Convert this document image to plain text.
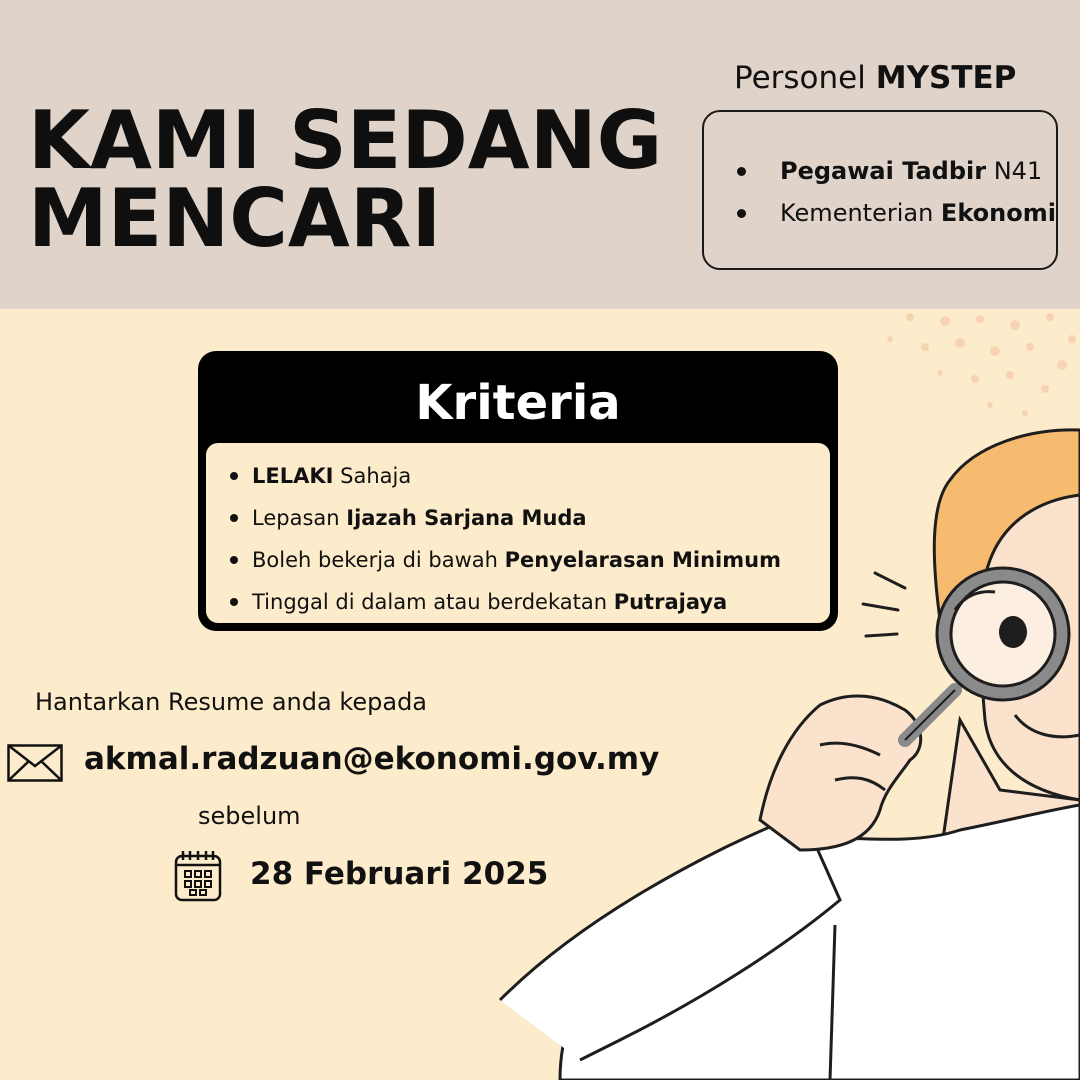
KAMI SEDANG
MENCARI
Personel MYSTEP
Pegawai Tadbir N41
Kementerian Ekonomi
Kriteria
LELAKI Sahaja
Lepasan Ijazah Sarjana Muda
Boleh bekerja di bawah Penyelarasan Minimum
Tinggal di dalam atau berdekatan Putrajaya
Hantarkan Resume anda kepada
akmal.radzuan@ekonomi.gov.my
sebelum
28 Februari 2025
